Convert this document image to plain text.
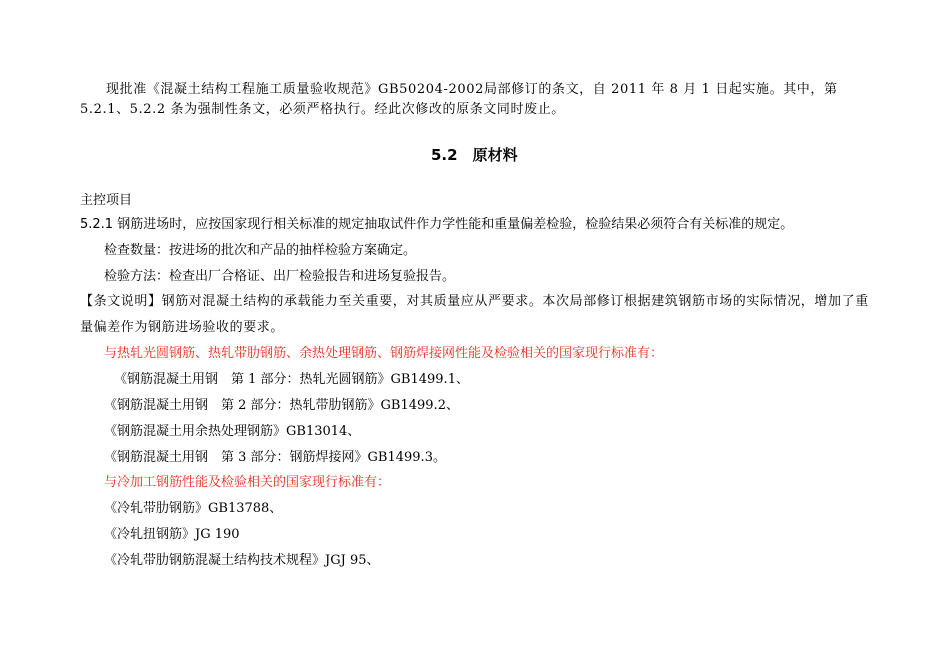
现批准《混凝土结构工程施工质量验收规范》GB50204-2002局部修订的条文，自 2011 年 8 月 1 日起实施。其中，第
5.2.1、5.2.2 条为强制性条文，必须严格执行。经此次修改的原条文同时废止。
5.2　原材料
主控项目
5.2.1 钢筋进场时，应按国家现行相关标准的规定抽取试件作力学性能和重量偏差检验，检验结果必须符合有关标准的规定。
检查数量：按进场的批次和产品的抽样检验方案确定。
检验方法：检查出厂合格证、出厂检验报告和进场复验报告。
【条文说明】钢筋对混凝土结构的承载能力至关重要，对其质量应从严要求。本次局部修订根据建筑钢筋市场的实际情况，增加了重
量偏差作为钢筋进场验收的要求。
与热轧光圆钢筋、热轧带肋钢筋、余热处理钢筋、钢筋焊接网性能及检验相关的国家现行标准有：
《钢筋混凝土用钢　第 1 部分：热轧光圆钢筋》GB1499.1、
《钢筋混凝土用钢　第 2 部分：热轧带肋钢筋》GB1499.2、
《钢筋混凝土用余热处理钢筋》GB13014、
《钢筋混凝土用钢　第 3 部分：钢筋焊接网》GB1499.3。
与冷加工钢筋性能及检验相关的国家现行标准有：
《冷轧带肋钢筋》GB13788、
《冷轧扭钢筋》JG 190
《冷轧带肋钢筋混凝土结构技术规程》JGJ 95、
